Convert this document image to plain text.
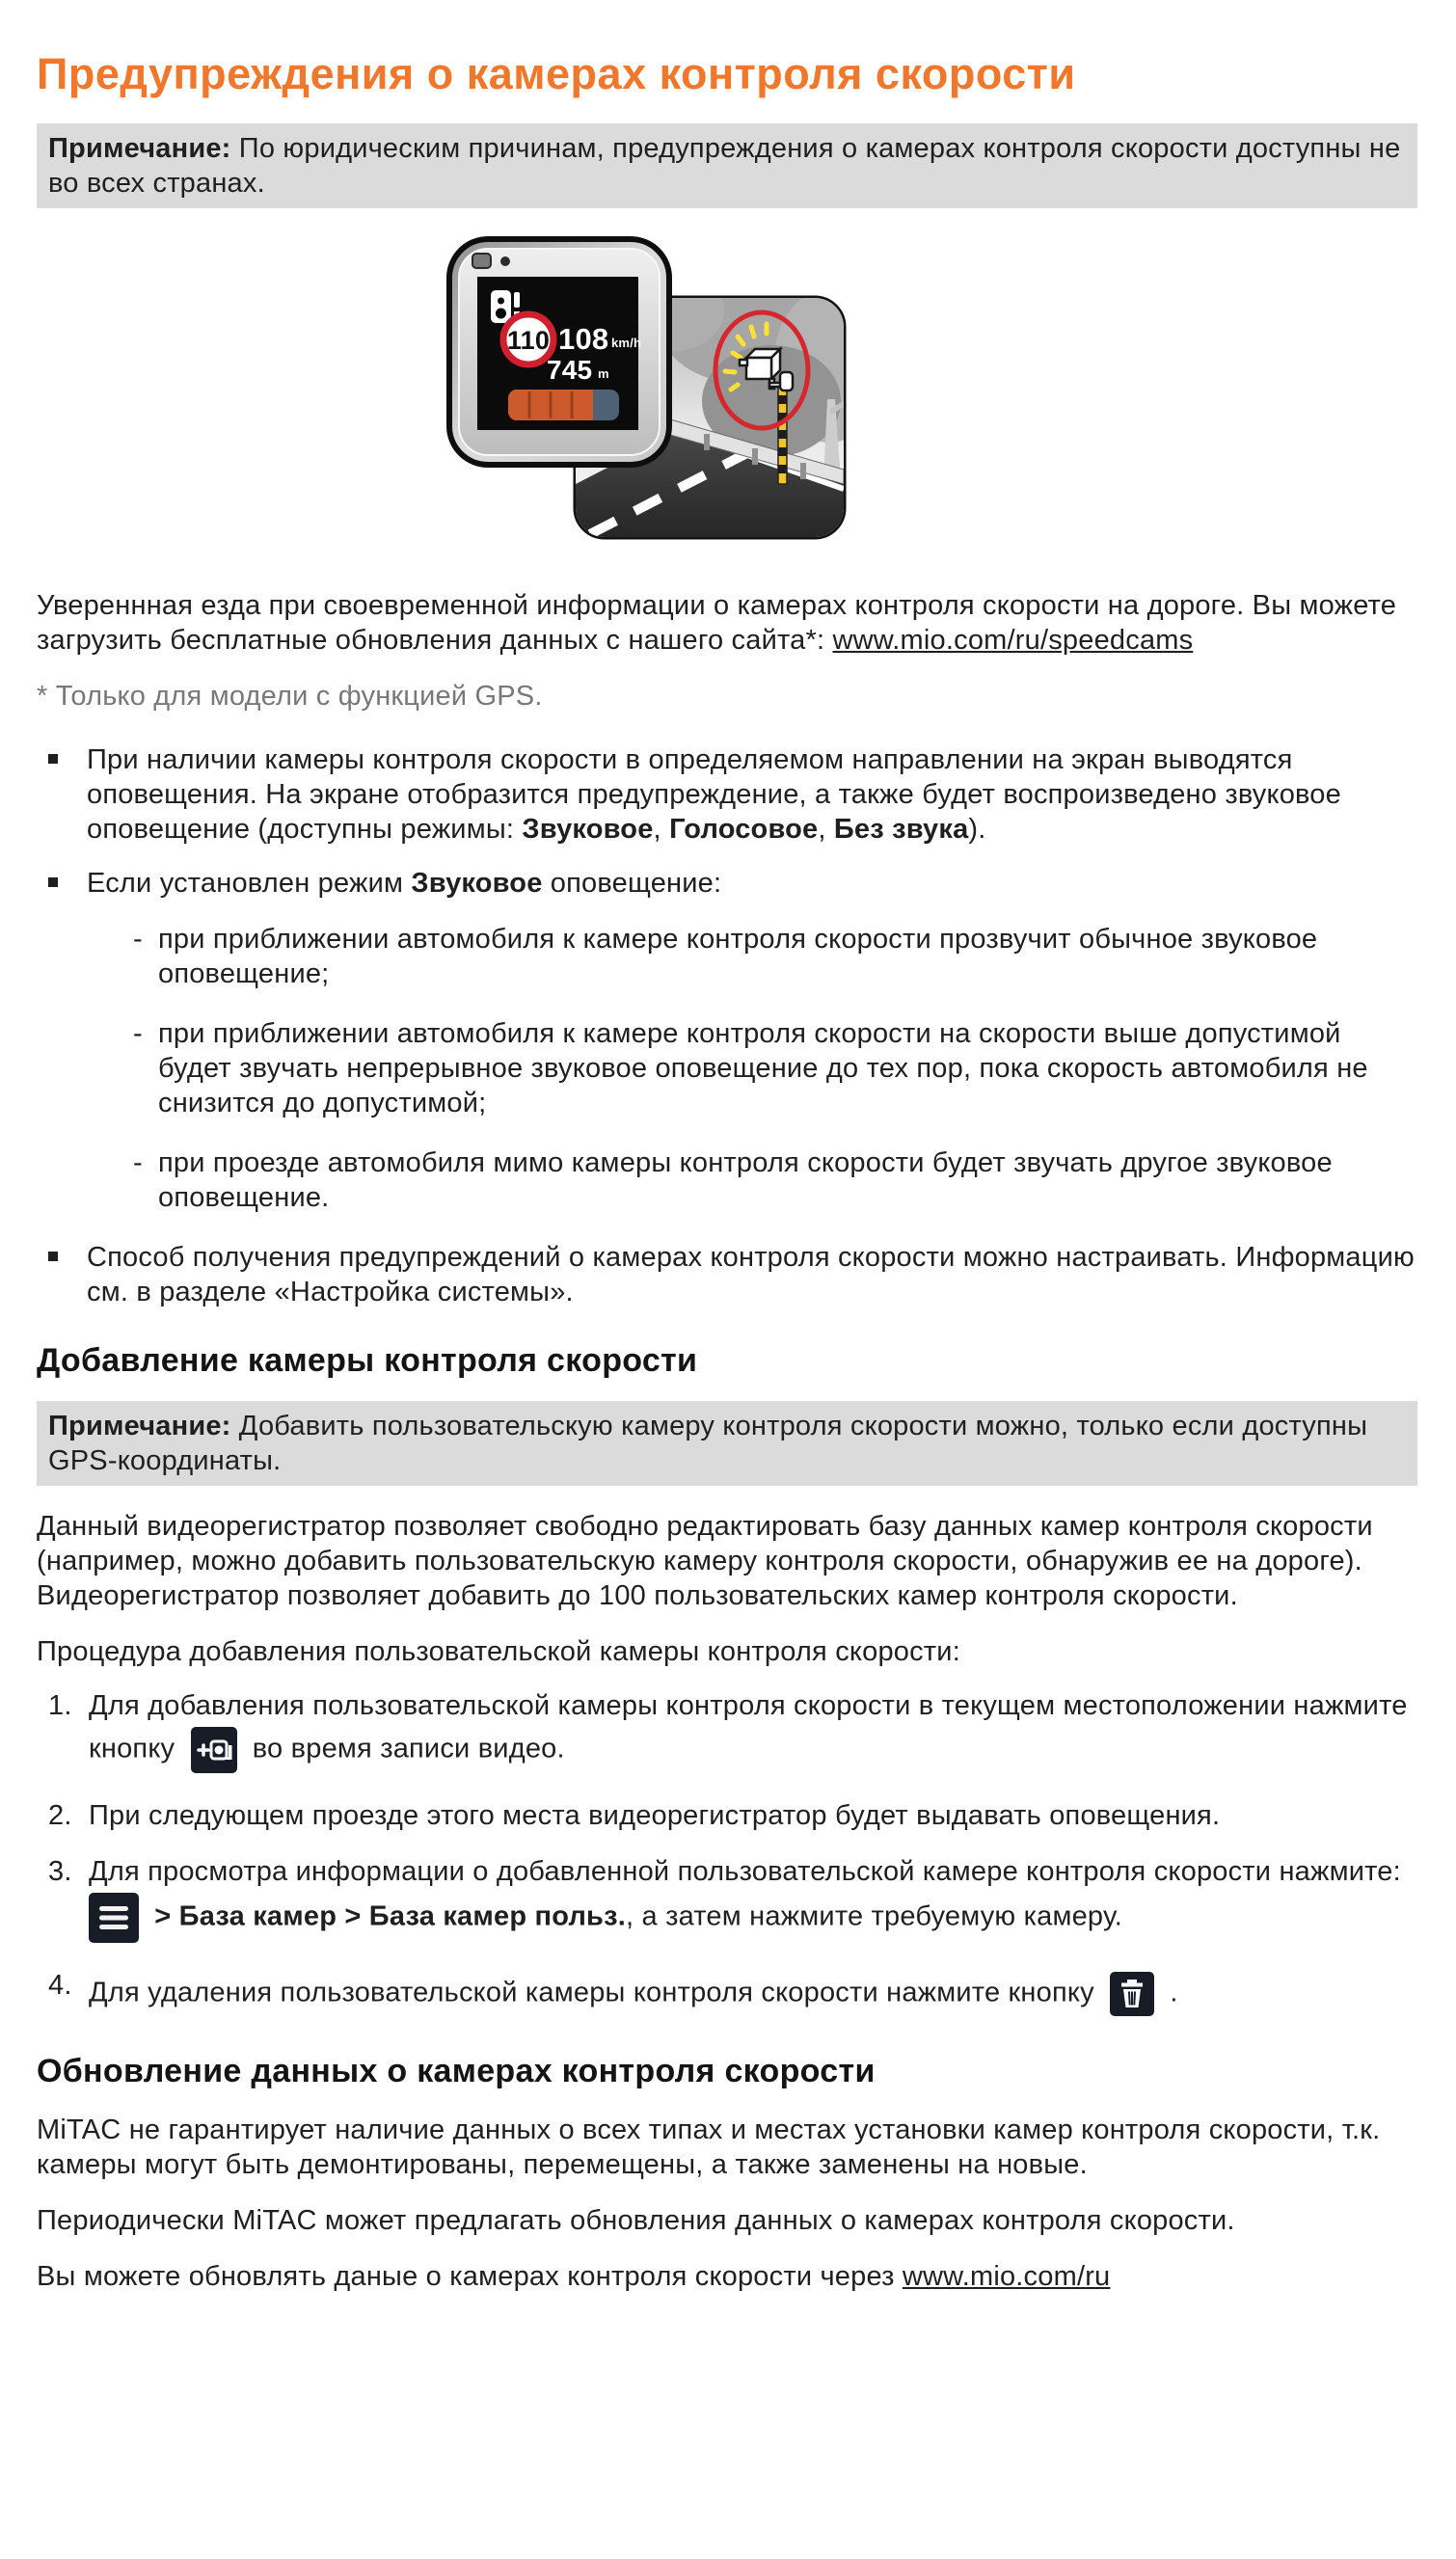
Предупреждения о камерах контроля скорости
Примечание: По юридическим причинам, предупреждения о камерах контроля скорости доступны не во всех странах.
110 108 km/h
745 m

Увереннная езда при своевременной информации о камерах контроля скорости на дороге. Вы можете загрузить бесплатные обновления данных с нашего сайта*: www.mio.com/ru/speedcams

* Только для модели с функцией GPS.

При наличии камеры контроля скорости в определяемом направлении на экран выводятся оповещения. На экране отобразится предупреждение, а также будет воспроизведено звуковое оповещение (доступны режимы: Звуковое, Голосовое, Без звука).
Если установлен режим Звуковое оповещение:
- при приближении автомобиля к камере контроля скорости прозвучит обычное звуковое оповещение;
- при приближении автомобиля к камере контроля скорости на скорости выше допустимой будет звучать непрерывное звуковое оповещение до тех пор, пока скорость автомобиля не снизится до допустимой;
- при проезде автомобиля мимо камеры контроля скорости будет звучать другое звуковое оповещение.
Способ получения предупреждений о камерах контроля скорости можно настраивать. Информацию см. в разделе «Настройка системы».
Добавление камеры контроля скорости
Примечание: Добавить пользовательскую камеру контроля скорости можно, только если доступны GPS-координаты.

Данный видеорегистратор позволяет свободно редактировать базу данных камер контроля скорости (например, можно добавить пользовательскую камеру контроля скорости, обнаружив ее на дороге). Видеорегистратор позволяет добавить до 100 пользовательских камер контроля скорости.

Процедура добавления пользовательской камеры контроля скорости:

1. Для добавления пользовательской камеры контроля скорости в текущем местоположении нажмите
кнопку	во время записи видео.
2. При следующем проезде этого места видеорегистратор будет выдавать оповещения.
3. Для просмотра информации о добавленной пользовательской камере контроля скорости нажмите:
> База камер > База камер польз., а затем нажмите требуемую камеру.
4. Для удаления пользовательской камеры контроля скорости нажмите кнопку	.
Обновление данных о камерах контроля скорости

MiTAC не гарантирует наличие данных о всех типах и местах установки камер контроля скорости, т.к. камеры могут быть демонтированы, перемещены, а также заменены на новые.

Периодически MiTAC может предлагать обновления данных о камерах контроля скорости.

Вы можете обновлять даные о камерах контроля скорости через www.mio.com/ru
